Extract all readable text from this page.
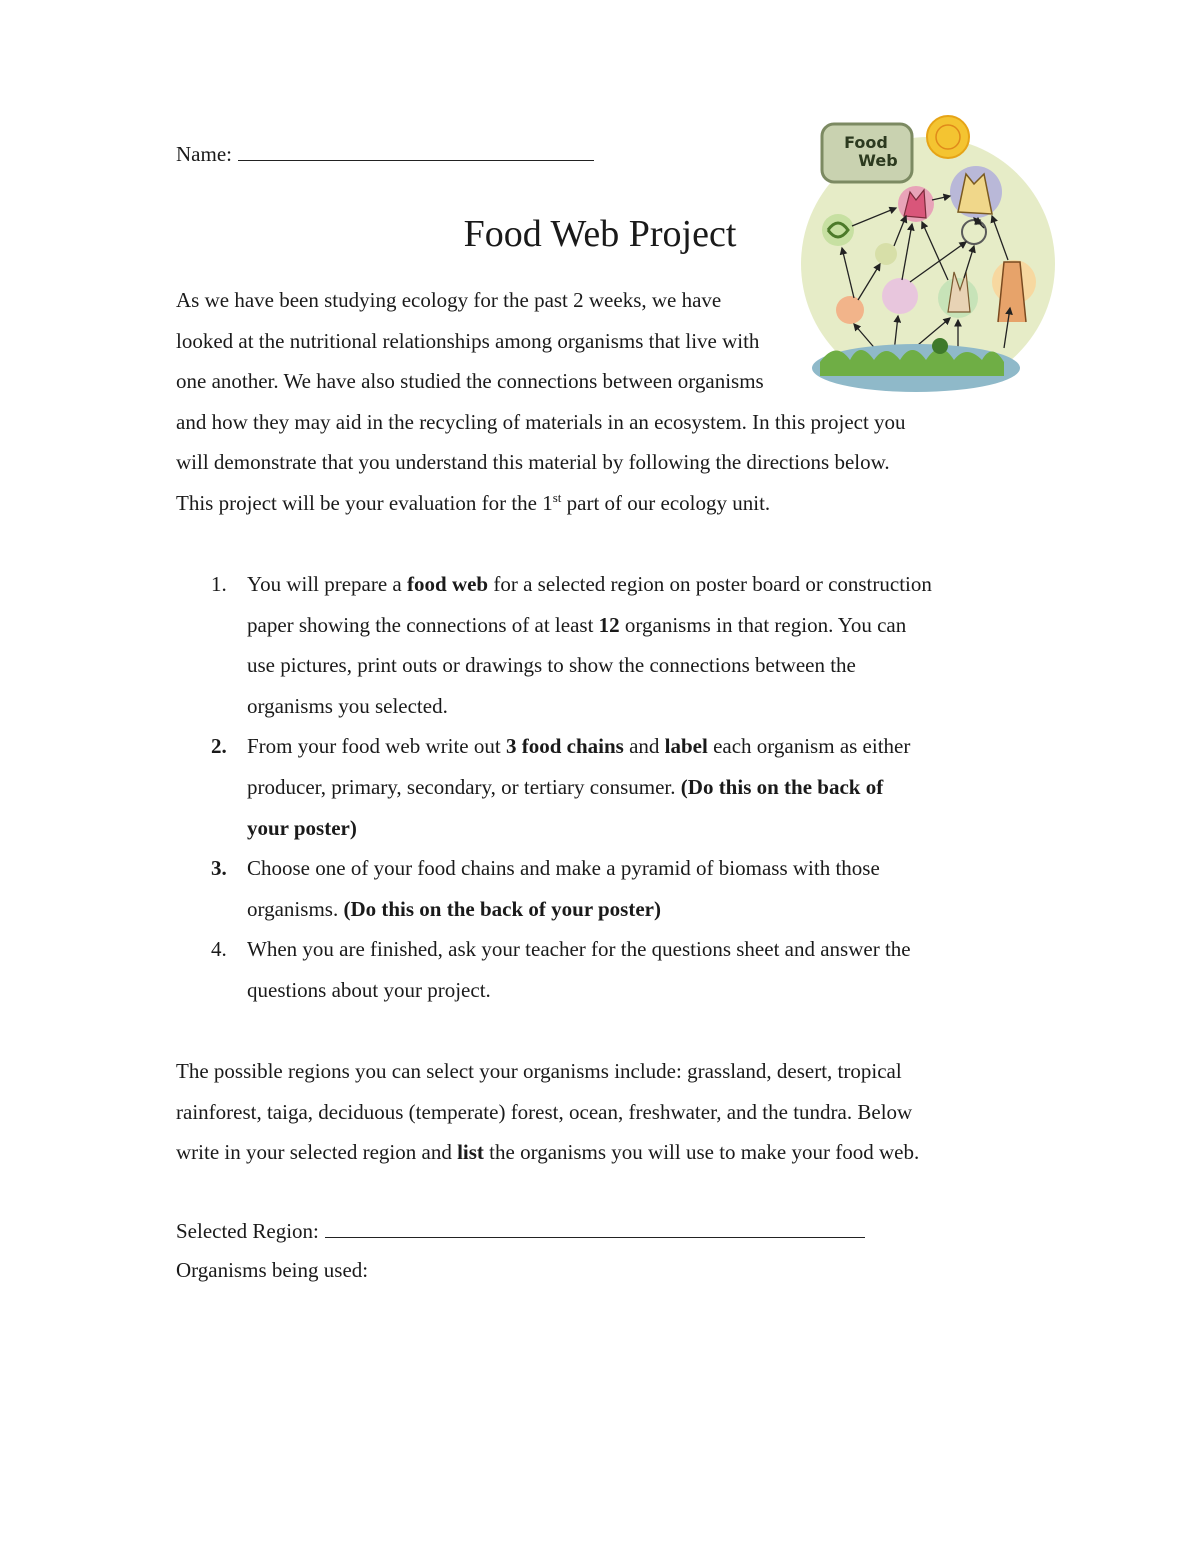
Name:
Food Web Project
As we have been studying ecology for the past 2 weeks, we have
looked at the nutritional relationships among organisms that live with
one another. We have also studied the connections between organisms
and how they may aid in the recycling of materials in an ecosystem. In this project you
will demonstrate that you understand this material by following the directions below.
This project will be your evaluation for the 1st part of our ecology unit.
1. You will prepare a food web for a selected region on poster board or construction
paper showing the connections of at least 12 organisms in that region. You can
use pictures, print outs or drawings to show the connections between the
organisms you selected.
2. From your food web write out 3 food chains and label each organism as either
producer, primary, secondary, or tertiary consumer. (Do this on the back of
your poster)
3. Choose one of your food chains and make a pyramid of biomass with those
organisms. (Do this on the back of your poster)
4. When you are finished, ask your teacher for the questions sheet and answer the
questions about your project.
The possible regions you can select your organisms include: grassland, desert, tropical
rainforest, taiga, deciduous (temperate) forest, ocean, freshwater, and the tundra. Below
write in your selected region and list the organisms you will use to make your food web.
Selected Region:
Organisms being used:
Food
Web
